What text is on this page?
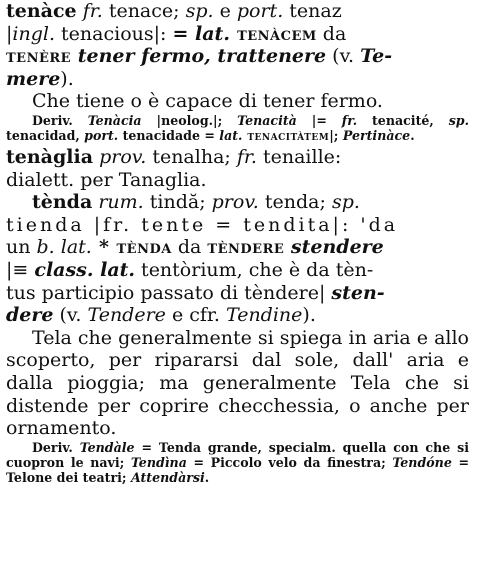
tenàce fr. tenace; sp. e port. tenaz

|ingl. tenacious|: = lat. tenàcem da

tenère tener fermo, trattenere (v. Te-

mere).

Che tiene o è capace di tener fermo.

Deriv. Tenàcia |neolog.|; Tenacità |= fr. tenacité, sp. tenacidad, port. tenacidade = lat. tenacitàtem|; Pertinàce.

tenàglia prov. tenalha; fr. tenaille:

dialett. per Tanaglia.

tènda rum. tindă; prov. tenda; sp.

tienda |fr. tente = tendita|: 'da

un b. lat. * tènda da tèndere stendere

|≡ class. lat. tentòrium, che è da tèn-

tus participio passato di tèndere| sten-

dere (v. Tendere e cfr. Tendine).

Tela che generalmente si spiega in aria e allo scoperto, per ripararsi dal sole, dall' aria e dalla pioggia; ma generalmente Tela che si distende per coprire checchessia, o anche per ornamento.

Deriv. Tendàle = Tenda grande, specialm. quella con che si cuopron le navi; Tendìna = Piccolo velo da finestra; Tendóne = Telone dei teatri; Attendàrsi.
